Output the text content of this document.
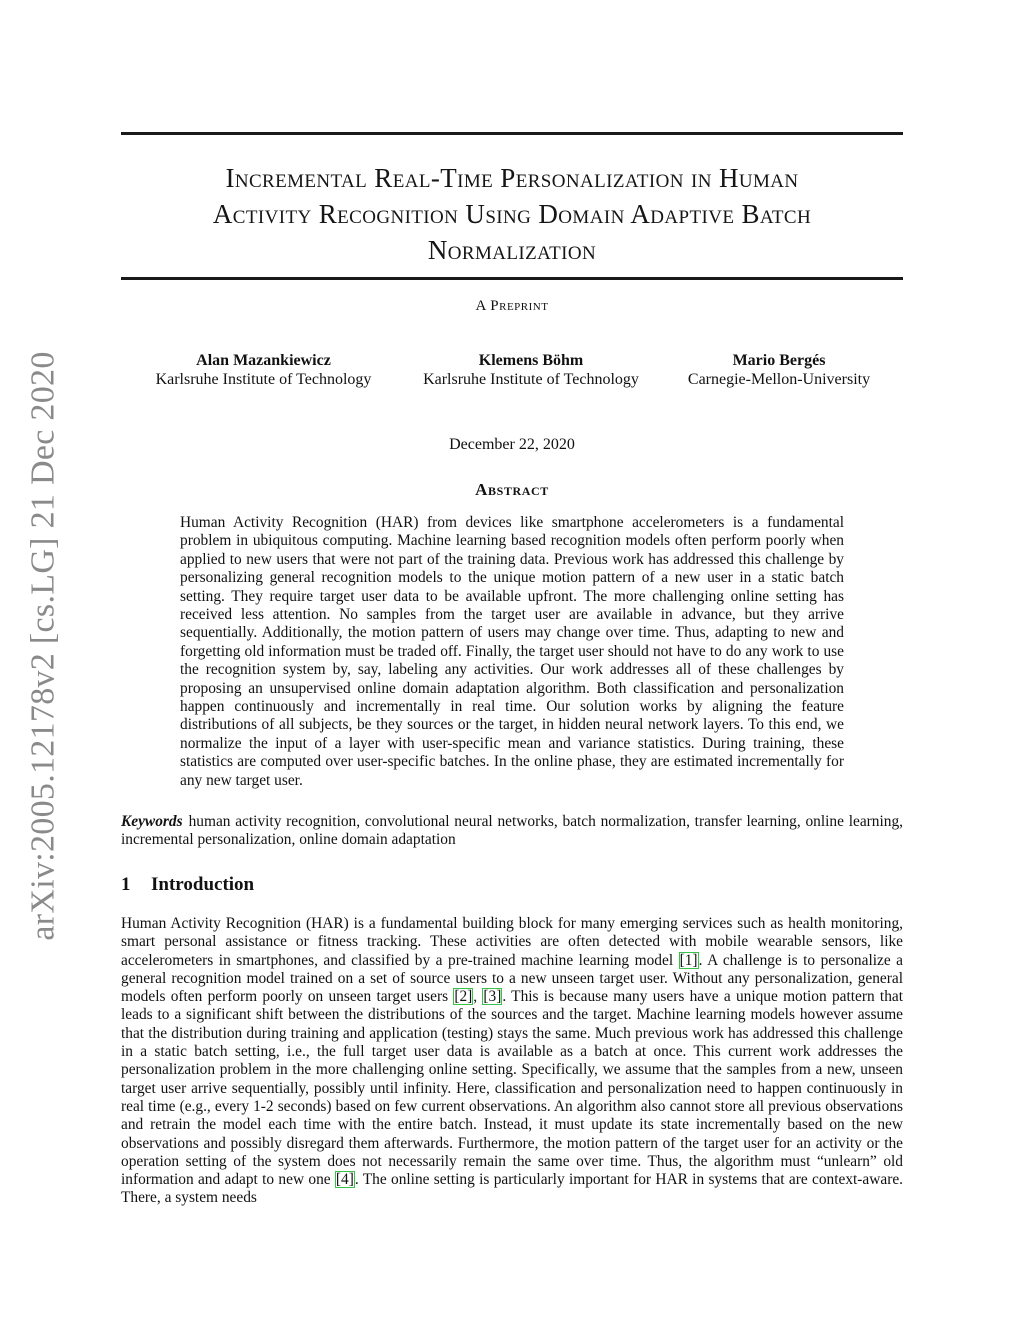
arXiv:2005.12178v2 [cs.LG] 21 Dec 2020
Incremental Real-Time Personalization in Human
Activity Recognition Using Domain Adaptive Batch
Normalization
A Preprint
Alan Mazankiewicz
Karlsruhe Institute of Technology
Klemens Böhm
Karlsruhe Institute of Technology
Mario Bergés
Carnegie-Mellon-University
December 22, 2020
Abstract
Human Activity Recognition (HAR) from devices like smartphone accelerometers is a fundamental problem in ubiquitous computing. Machine learning based recognition models often perform poorly when applied to new users that were not part of the training data. Previous work has addressed this challenge by personalizing general recognition models to the unique motion pattern of a new user in a static batch setting. They require target user data to be available upfront. The more challenging online setting has received less attention. No samples from the target user are available in advance, but they arrive sequentially. Additionally, the motion pattern of users may change over time. Thus, adapting to new and forgetting old information must be traded off. Finally, the target user should not have to do any work to use the recognition system by, say, labeling any activities. Our work addresses all of these challenges by proposing an unsupervised online domain adaptation algorithm. Both classification and personalization happen continuously and incrementally in real time. Our solution works by aligning the feature distributions of all subjects, be they sources or the target, in hidden neural network layers. To this end, we normalize the input of a layer with user-specific mean and variance statistics. During training, these statistics are computed over user-specific batches. In the online phase, they are estimated incrementally for any new target user.
Keywords human activity recognition, convolutional neural networks, batch normalization, transfer learning, online learning, incremental personalization, online domain adaptation
1 Introduction
Human Activity Recognition (HAR) is a fundamental building block for many emerging services such as health monitoring, smart personal assistance or fitness tracking. These activities are often detected with mobile wearable sensors, like accelerometers in smartphones, and classified by a pre-trained machine learning model [1]. A challenge is to personalize a general recognition model trained on a set of source users to a new unseen target user. Without any personalization, general models often perform poorly on unseen target users [2], [3]. This is because many users have a unique motion pattern that leads to a significant shift between the distributions of the sources and the target. Machine learning models however assume that the distribution during training and application (testing) stays the same. Much previous work has addressed this challenge in a static batch setting, i.e., the full target user data is available as a batch at once. This current work addresses the personalization problem in the more challenging online setting. Specifically, we assume that the samples from a new, unseen target user arrive sequentially, possibly until infinity. Here, classification and personalization need to happen continuously in real time (e.g., every 1-2 seconds) based on few current observations. An algorithm also cannot store all previous observations and retrain the model each time with the entire batch. Instead, it must update its state incrementally based on the new observations and possibly disregard them afterwards. Furthermore, the motion pattern of the target user for an activity or the operation setting of the system does not necessarily remain the same over time. Thus, the algorithm must “unlearn” old information and adapt to new one [4]. The online setting is particularly important for HAR in systems that are context-aware. There, a system needs
